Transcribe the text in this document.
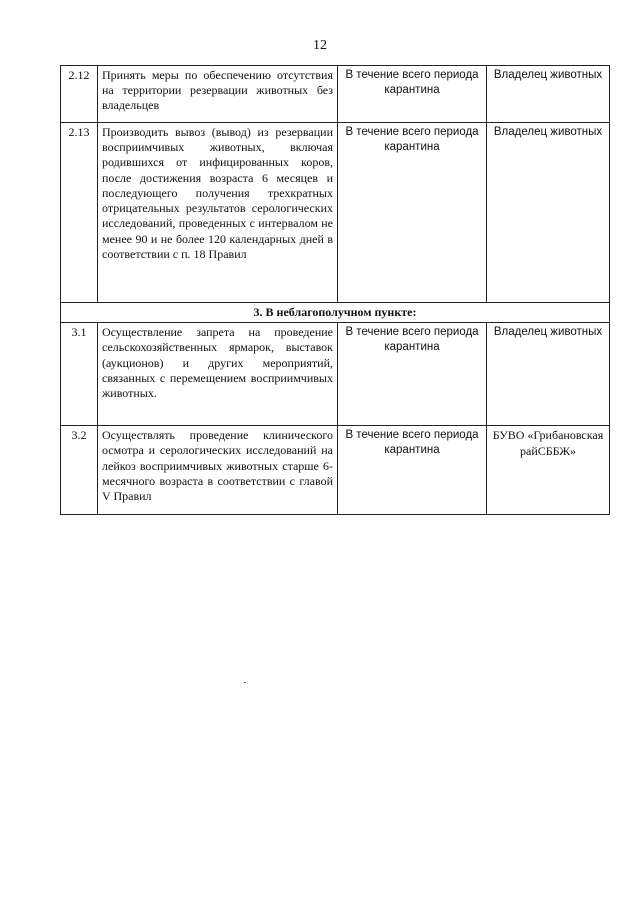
12
2.12	Принять меры по обеспечению отсутствия на территории резервации животных без владельцев	В течение всего периода карантина	Владелец животных
2.13	Производить вывоз (вывод) из резервации восприимчивых животных, включая родившихся от инфицированных коров, после достижения возраста 6 месяцев и последующего получения трехкратных отрицательных результатов серологических исследований, проведенных с интервалом не менее 90 и не более 120 календарных дней в соответствии с п. 18 Правил	В течение всего периода карантина	Владелец животных
3. В неблагополучном пункте:			
3.1	Осуществление запрета на проведение сельскохозяйственных ярмарок, выставок (аукционов) и других мероприятий, связанных с перемещением восприимчивых животных.	В течение всего периода карантина	Владелец животных
3.2	Осуществлять проведение клинического осмотра и серологических исследований на лейкоз восприимчивых животных старше 6-месячного возраста в соответствии с главой V Правил	В течение всего периода карантина	БУВО «Грибановская райСББЖ»
